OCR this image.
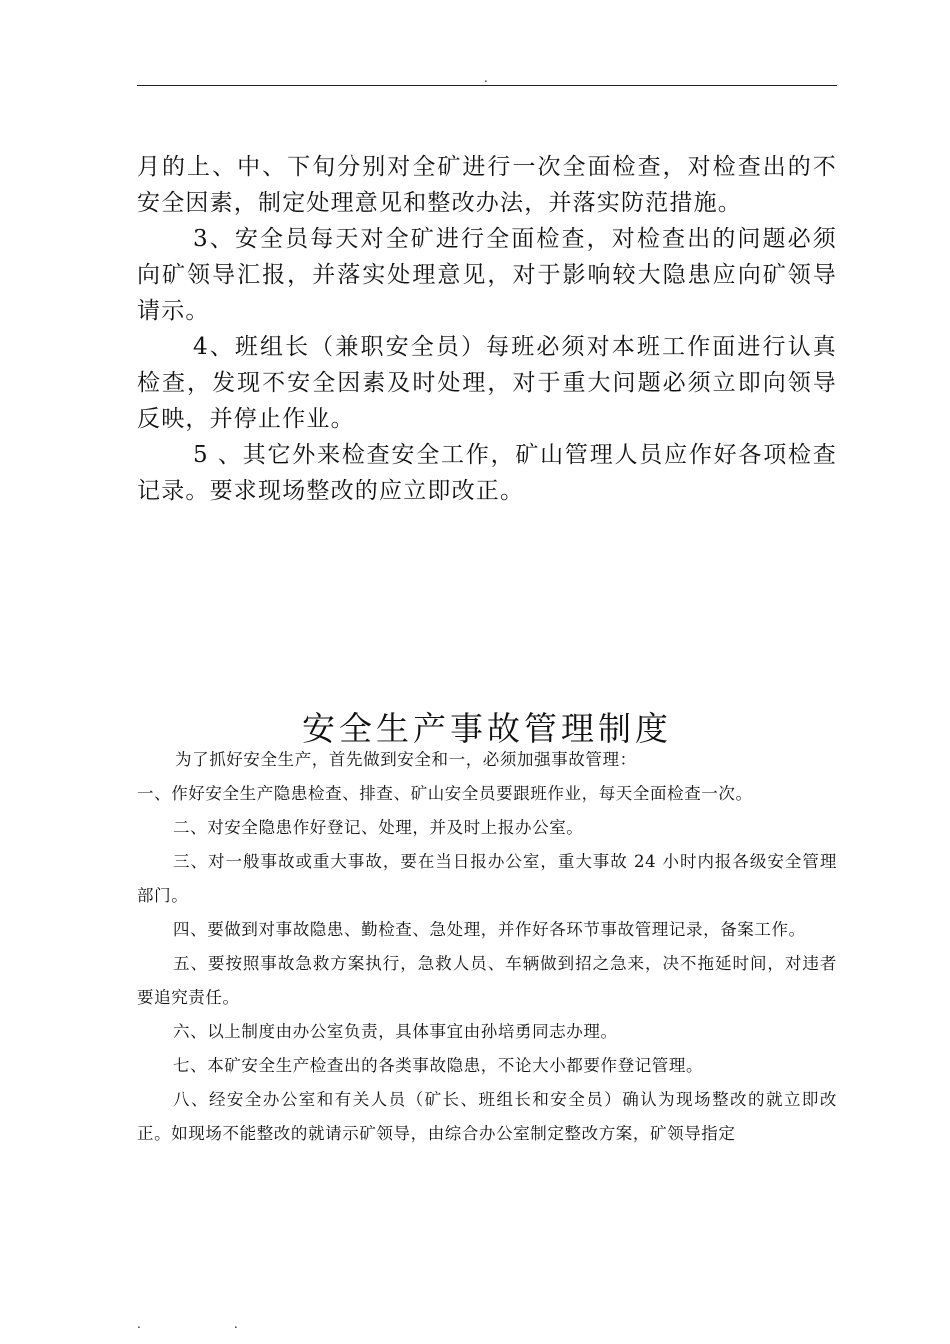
.

月的上、中、下旬分别对全矿进行一次全面检查，对检查出的不安全因素，制定处理意见和整改办法，并落实防范措施。

3、安全员每天对全矿进行全面检查，对检查出的问题必须向矿领导汇报，并落实处理意见，对于影响较大隐患应向矿领导请示。

4、班组长（兼职安全员）每班必须对本班工作面进行认真检查，发现不安全因素及时处理，对于重大问题必须立即向领导反映，并停止作业。

5 、其它外来检查安全工作，矿山管理人员应作好各项检查记录。要求现场整改的应立即改正。

安全生产事故管理制度

为了抓好安全生产，首先做到安全和一，必须加强事故管理：

一、作好安全生产隐患检查、排查、矿山安全员要跟班作业，每天全面检查一次。

二、对安全隐患作好登记、处理，并及时上报办公室。

三、对一般事故或重大事故，要在当日报办公室，重大事故 24 小时内报各级安全管理部门。

四、要做到对事故隐患、勤检查、急处理，并作好各环节事故管理记录，备案工作。

五、要按照事故急救方案执行，急救人员、车辆做到招之急来，决不拖延时间，对违者要追究责任。

六、以上制度由办公室负责，具体事宜由孙培勇同志办理。

七、本矿安全生产检查出的各类事故隐患，不论大小都要作登记管理。

八、经安全办公室和有关人员（矿长、班组长和安全员）确认为现场整改的就立即改正。如现场不能整改的就请示矿领导，由综合办公室制定整改方案，矿领导指定

.	.
